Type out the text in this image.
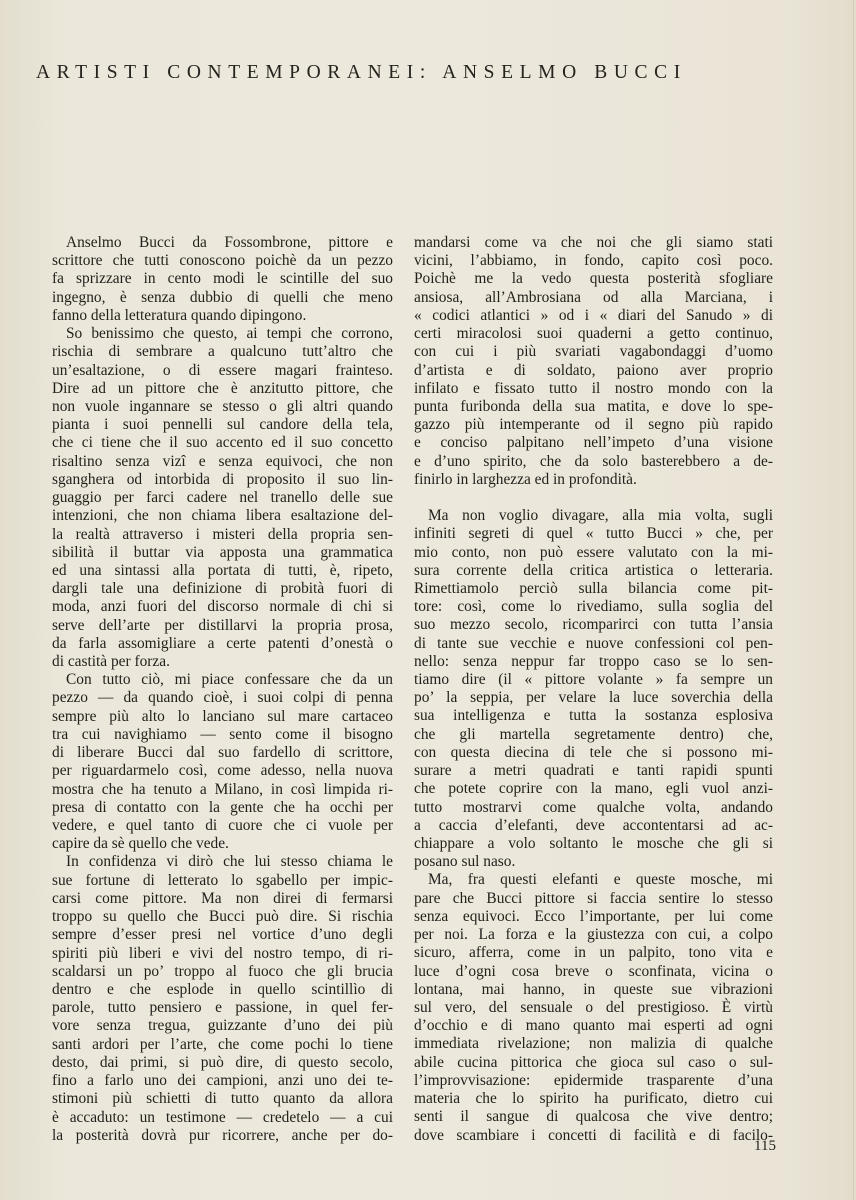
ARTISTI CONTEMPORANEI: ANSELMO BUCCI
Anselmo Bucci da Fossombrone, pittore e
scrittore che tutti conoscono poichè da un pezzo
fa sprizzare in cento modi le scintille del suo
ingegno, è senza dubbio di quelli che meno
fanno della letteratura quando dipingono.
So benissimo che questo, ai tempi che corrono,
rischia di sembrare a qualcuno tutt’altro che
un’esaltazione, o di essere magari frainteso.
Dire ad un pittore che è anzitutto pittore, che
non vuole ingannare se stesso o gli altri quando
pianta i suoi pennelli sul candore della tela,
che ci tiene che il suo accento ed il suo concetto
risaltino senza vizî e senza equivoci, che non
sganghera od intorbida di proposito il suo lin-
guaggio per farci cadere nel tranello delle sue
intenzioni, che non chiama libera esaltazione del-
la realtà attraverso i misteri della propria sen-
sibilità il buttar via apposta una grammatica
ed una sintassi alla portata di tutti, è, ripeto,
dargli tale una definizione di probità fuori di
moda, anzi fuori del discorso normale di chi si
serve dell’arte per distillarvi la propria prosa,
da farla assomigliare a certe patenti d’onestà o
di castità per forza.
Con tutto ciò, mi piace confessare che da un
pezzo — da quando cioè, i suoi colpi di penna
sempre più alto lo lanciano sul mare cartaceo
tra cui navighiamo — sento come il bisogno
di liberare Bucci dal suo fardello di scrittore,
per riguardarmelo così, come adesso, nella nuova
mostra che ha tenuto a Milano, in così limpida ri-
presa di contatto con la gente che ha occhi per
vedere, e quel tanto di cuore che ci vuole per
capire da sè quello che vede.
In confidenza vi dirò che lui stesso chiama le
sue fortune di letterato lo sgabello per impic-
carsi come pittore. Ma non direi di fermarsi
troppo su quello che Bucci può dire. Si rischia
sempre d’esser presi nel vortice d’uno degli
spiriti più liberi e vivi del nostro tempo, di ri-
scaldarsi un po’ troppo al fuoco che gli brucia
dentro e che esplode in quello scintillìo di
parole, tutto pensiero e passione, in quel fer-
vore senza tregua, guizzante d’uno dei più
santi ardori per l’arte, che come pochi lo tiene
desto, dai primi, si può dire, di questo secolo,
fino a farlo uno dei campioni, anzi uno dei te-
stimoni più schietti di tutto quanto da allora
è accaduto: un testimone — credetelo — a cui
la posterità dovrà pur ricorrere, anche per do-
mandarsi come va che noi che gli siamo stati
vicini, l’abbiamo, in fondo, capito così poco.
Poichè me la vedo questa posterità sfogliare
ansiosa, all’Ambrosiana od alla Marciana, i
« codici atlantici » od i « diari del Sanudo » di
certi miracolosi suoi quaderni a getto continuo,
con cui i più svariati vagabondaggi d’uomo
d’artista e di soldato, paiono aver proprio
infilato e fissato tutto il nostro mondo con la
punta furibonda della sua matita, e dove lo spe-
gazzo più intemperante od il segno più rapido
e conciso palpitano nell’impeto d’una visione
e d’uno spirito, che da solo basterebbero a de-
finirlo in larghezza ed in profondità.
Ma non voglio divagare, alla mia volta, sugli
infiniti segreti di quel « tutto Bucci » che, per
mio conto, non può essere valutato con la mi-
sura corrente della critica artistica o letteraria.
Rimettiamolo perciò sulla bilancia come pit-
tore: così, come lo rivediamo, sulla soglia del
suo mezzo secolo, ricomparirci con tutta l’ansia
di tante sue vecchie e nuove confessioni col pen-
nello: senza neppur far troppo caso se lo sen-
tiamo dire (il « pittore volante » fa sempre un
po’ la seppia, per velare la luce soverchia della
sua intelligenza e tutta la sostanza esplosiva
che gli martella segretamente dentro) che,
con questa diecina di tele che si possono mi-
surare a metri quadrati e tanti rapidi spunti
che potete coprire con la mano, egli vuol anzi-
tutto mostrarvi come qualche volta, andando
a caccia d’elefanti, deve accontentarsi ad ac-
chiappare a volo soltanto le mosche che gli si
posano sul naso.
Ma, fra questi elefanti e queste mosche, mi
pare che Bucci pittore si faccia sentire lo stesso
senza equivoci. Ecco l’importante, per lui come
per noi. La forza e la giustezza con cui, a colpo
sicuro, afferra, come in un palpito, tono vita e
luce d’ogni cosa breve o sconfinata, vicina o
lontana, mai hanno, in queste sue vibrazioni
sul vero, del sensuale o del prestigioso. È virtù
d’occhio e di mano quanto mai esperti ad ogni
immediata rivelazione; non malizia di qualche
abile cucina pittorica che gioca sul caso o sul-
l’improvvisazione: epidermide trasparente d’una
materia che lo spirito ha purificato, dietro cui
senti il sangue di qualcosa che vive dentro;
dove scambiare i concetti di facilità e di facilo-
115
